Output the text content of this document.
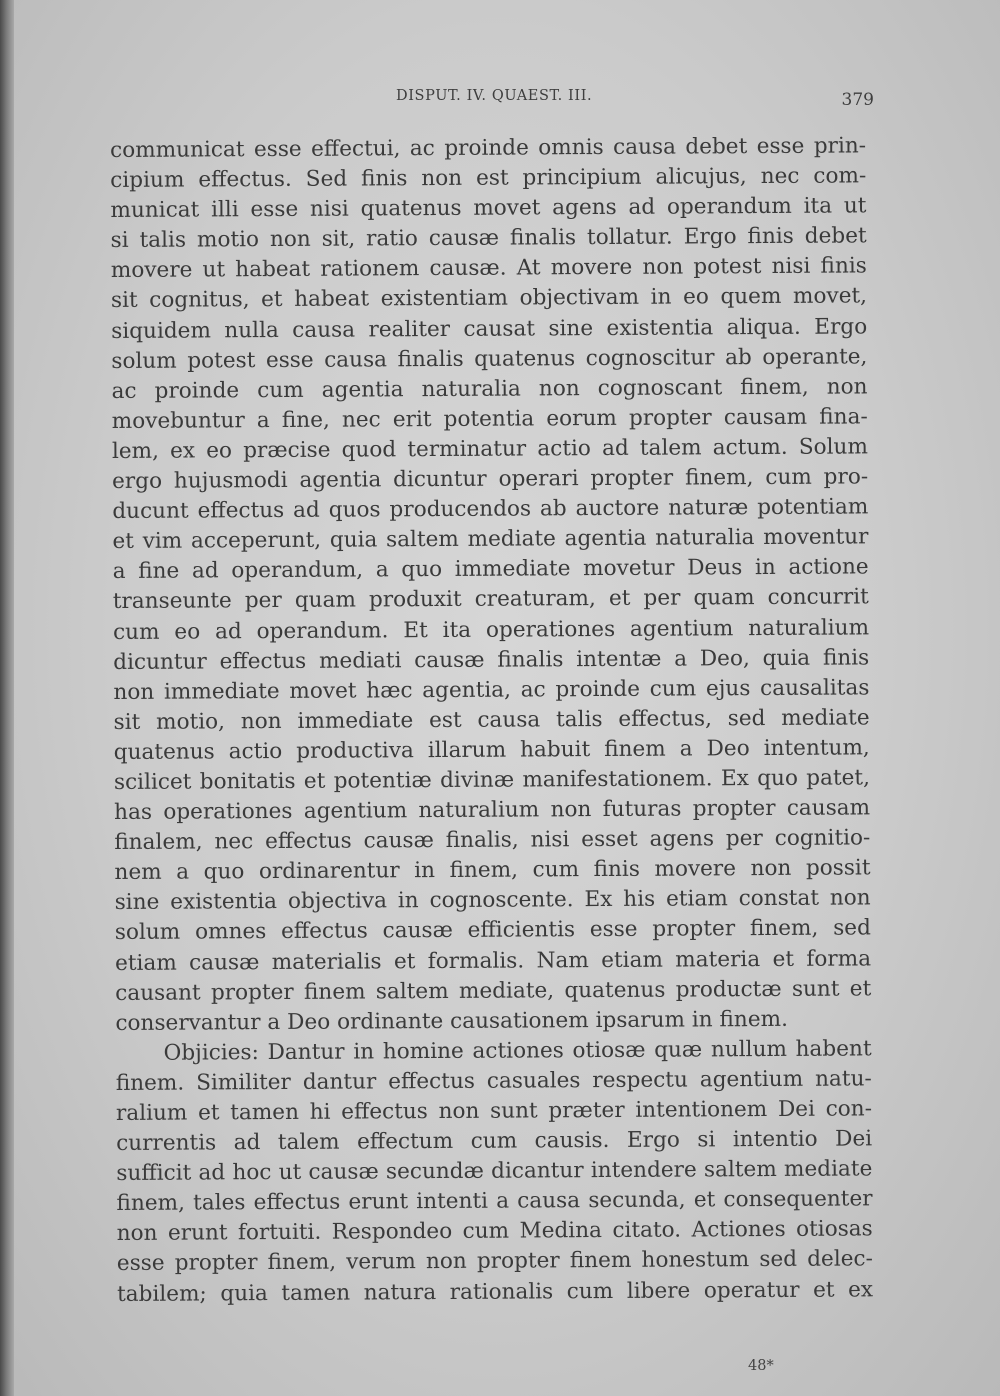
DISPUT. IV. QUAEST. III.	379
communicat esse effectui, ac proinde omnis causa debet esse prin-
cipium effectus. Sed finis non est principium alicujus, nec com-
municat illi esse nisi quatenus movet agens ad operandum ita ut
si talis motio non sit, ratio causæ finalis tollatur. Ergo finis debet
movere ut habeat rationem causæ. At movere non potest nisi finis
sit cognitus, et habeat existentiam objectivam in eo quem movet,
siquidem nulla causa realiter causat sine existentia aliqua. Ergo
solum potest esse causa finalis quatenus cognoscitur ab operante,
ac proinde cum agentia naturalia non cognoscant finem, non
movebuntur a fine, nec erit potentia eorum propter causam fina-
lem, ex eo præcise quod terminatur actio ad talem actum. Solum
ergo hujusmodi agentia dicuntur operari propter finem, cum pro-
ducunt effectus ad quos producendos ab auctore naturæ potentiam
et vim acceperunt, quia saltem mediate agentia naturalia moventur
a fine ad operandum, a quo immediate movetur Deus in actione
transeunte per quam produxit creaturam, et per quam concurrit
cum eo ad operandum. Et ita operationes agentium naturalium
dicuntur effectus mediati causæ finalis intentæ a Deo, quia finis
non immediate movet hæc agentia, ac proinde cum ejus causalitas
sit motio, non immediate est causa talis effectus, sed mediate
quatenus actio productiva illarum habuit finem a Deo intentum,
scilicet bonitatis et potentiæ divinæ manifestationem. Ex quo patet,
has operationes agentium naturalium non futuras propter causam
finalem, nec effectus causæ finalis, nisi esset agens per cognitio-
nem a quo ordinarentur in finem, cum finis movere non possit
sine existentia objectiva in cognoscente. Ex his etiam constat non
solum omnes effectus causæ efficientis esse propter finem, sed
etiam causæ materialis et formalis. Nam etiam materia et forma
causant propter finem saltem mediate, quatenus productæ sunt et
conservantur a Deo ordinante causationem ipsarum in finem.
Objicies: Dantur in homine actiones otiosæ quæ nullum habent
finem. Similiter dantur effectus casuales respectu agentium natu-
ralium et tamen hi effectus non sunt præter intentionem Dei con-
currentis ad talem effectum cum causis. Ergo si intentio Dei
sufficit ad hoc ut causæ secundæ dicantur intendere saltem mediate
finem, tales effectus erunt intenti a causa secunda, et consequenter
non erunt fortuiti. Respondeo cum Medina citato. Actiones otiosas
esse propter finem, verum non propter finem honestum sed delec-
tabilem; quia tamen natura rationalis cum libere operatur et ex
48*
